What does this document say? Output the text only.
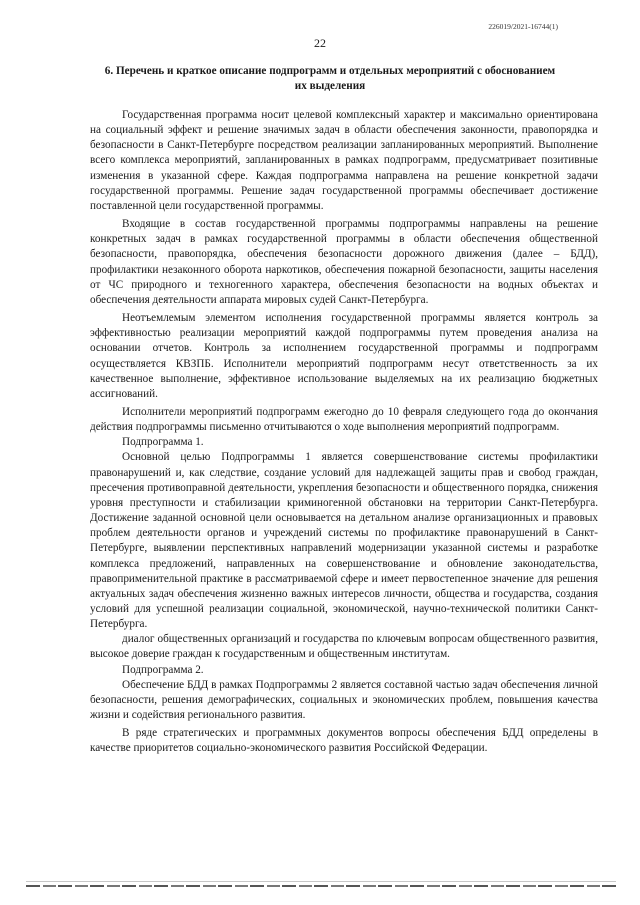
226019/2021-16744(1)
22
6. Перечень и краткое описание подпрограмм и отдельных мероприятий с обоснованием их выделения

Государственная программа носит целевой комплексный характер и максимально ориентирована на социальный эффект и решение значимых задач в области обеспечения законности, правопорядка и безопасности в Санкт-Петербурге посредством реализации запланированных мероприятий. Выполнение всего комплекса мероприятий, запланированных в рамках подпрограмм, предусматривает позитивные изменения в указанной сфере. Каждая подпрограмма направлена на решение конкретной задачи государственной программы. Решение задач государственной программы обеспечивает достижение поставленной цели государственной программы.

Входящие в состав государственной программы подпрограммы направлены на решение конкретных задач в рамках государственной программы в области обеспечения общественной безопасности, правопорядка, обеспечения безопасности дорожного движения (далее – БДД), профилактики незаконного оборота наркотиков, обеспечения пожарной безопасности, защиты населения от ЧС природного и техногенного характера, обеспечения безопасности на водных объектах и обеспечения деятельности аппарата мировых судей Санкт-Петербурга.

Неотъемлемым элементом исполнения государственной программы является контроль за эффективностью реализации мероприятий каждой подпрограммы путем проведения анализа на основании отчетов. Контроль за исполнением государственной программы и подпрограмм осуществляется КВЗПБ. Исполнители мероприятий подпрограмм несут ответственность за их качественное выполнение, эффективное использование выделяемых на их реализацию бюджетных ассигнований.

Исполнители мероприятий подпрограмм ежегодно до 10 февраля следующего года до окончания действия подпрограммы письменно отчитываются о ходе выполнения мероприятий подпрограмм.

Подпрограмма 1.

Основной целью Подпрограммы 1 является совершенствование системы профилактики правонарушений и, как следствие, создание условий для надлежащей защиты прав и свобод граждан, пресечения противоправной деятельности, укрепления безопасности и общественного порядка, снижения уровня преступности и стабилизации криминогенной обстановки на территории Санкт-Петербурга. Достижение заданной основной цели основывается на детальном анализе организационных и правовых проблем деятельности органов и учреждений системы по профилактике правонарушений в Санкт-Петербурге, выявлении перспективных направлений модернизации указанной системы и разработке комплекса предложений, направленных на совершенствование и обновление законодательства, правоприменительной практике в рассматриваемой сфере и имеет первостепенное значение для решения актуальных задач обеспечения жизненно важных интересов личности, общества и государства, создания условий для успешной реализации социальной, экономической, научно-технической политики Санкт-Петербурга.

диалог общественных организаций и государства по ключевым вопросам общественного развития, высокое доверие граждан к государственным и общественным институтам.

Подпрограмма 2.

Обеспечение БДД в рамках Подпрограммы 2 является составной частью задач обеспечения личной безопасности, решения демографических, социальных и экономических проблем, повышения качества жизни и содействия регионального развития.

В ряде стратегических и программных документов вопросы обеспечения БДД определены в качестве приоритетов социально-экономического развития Российской Федерации.
